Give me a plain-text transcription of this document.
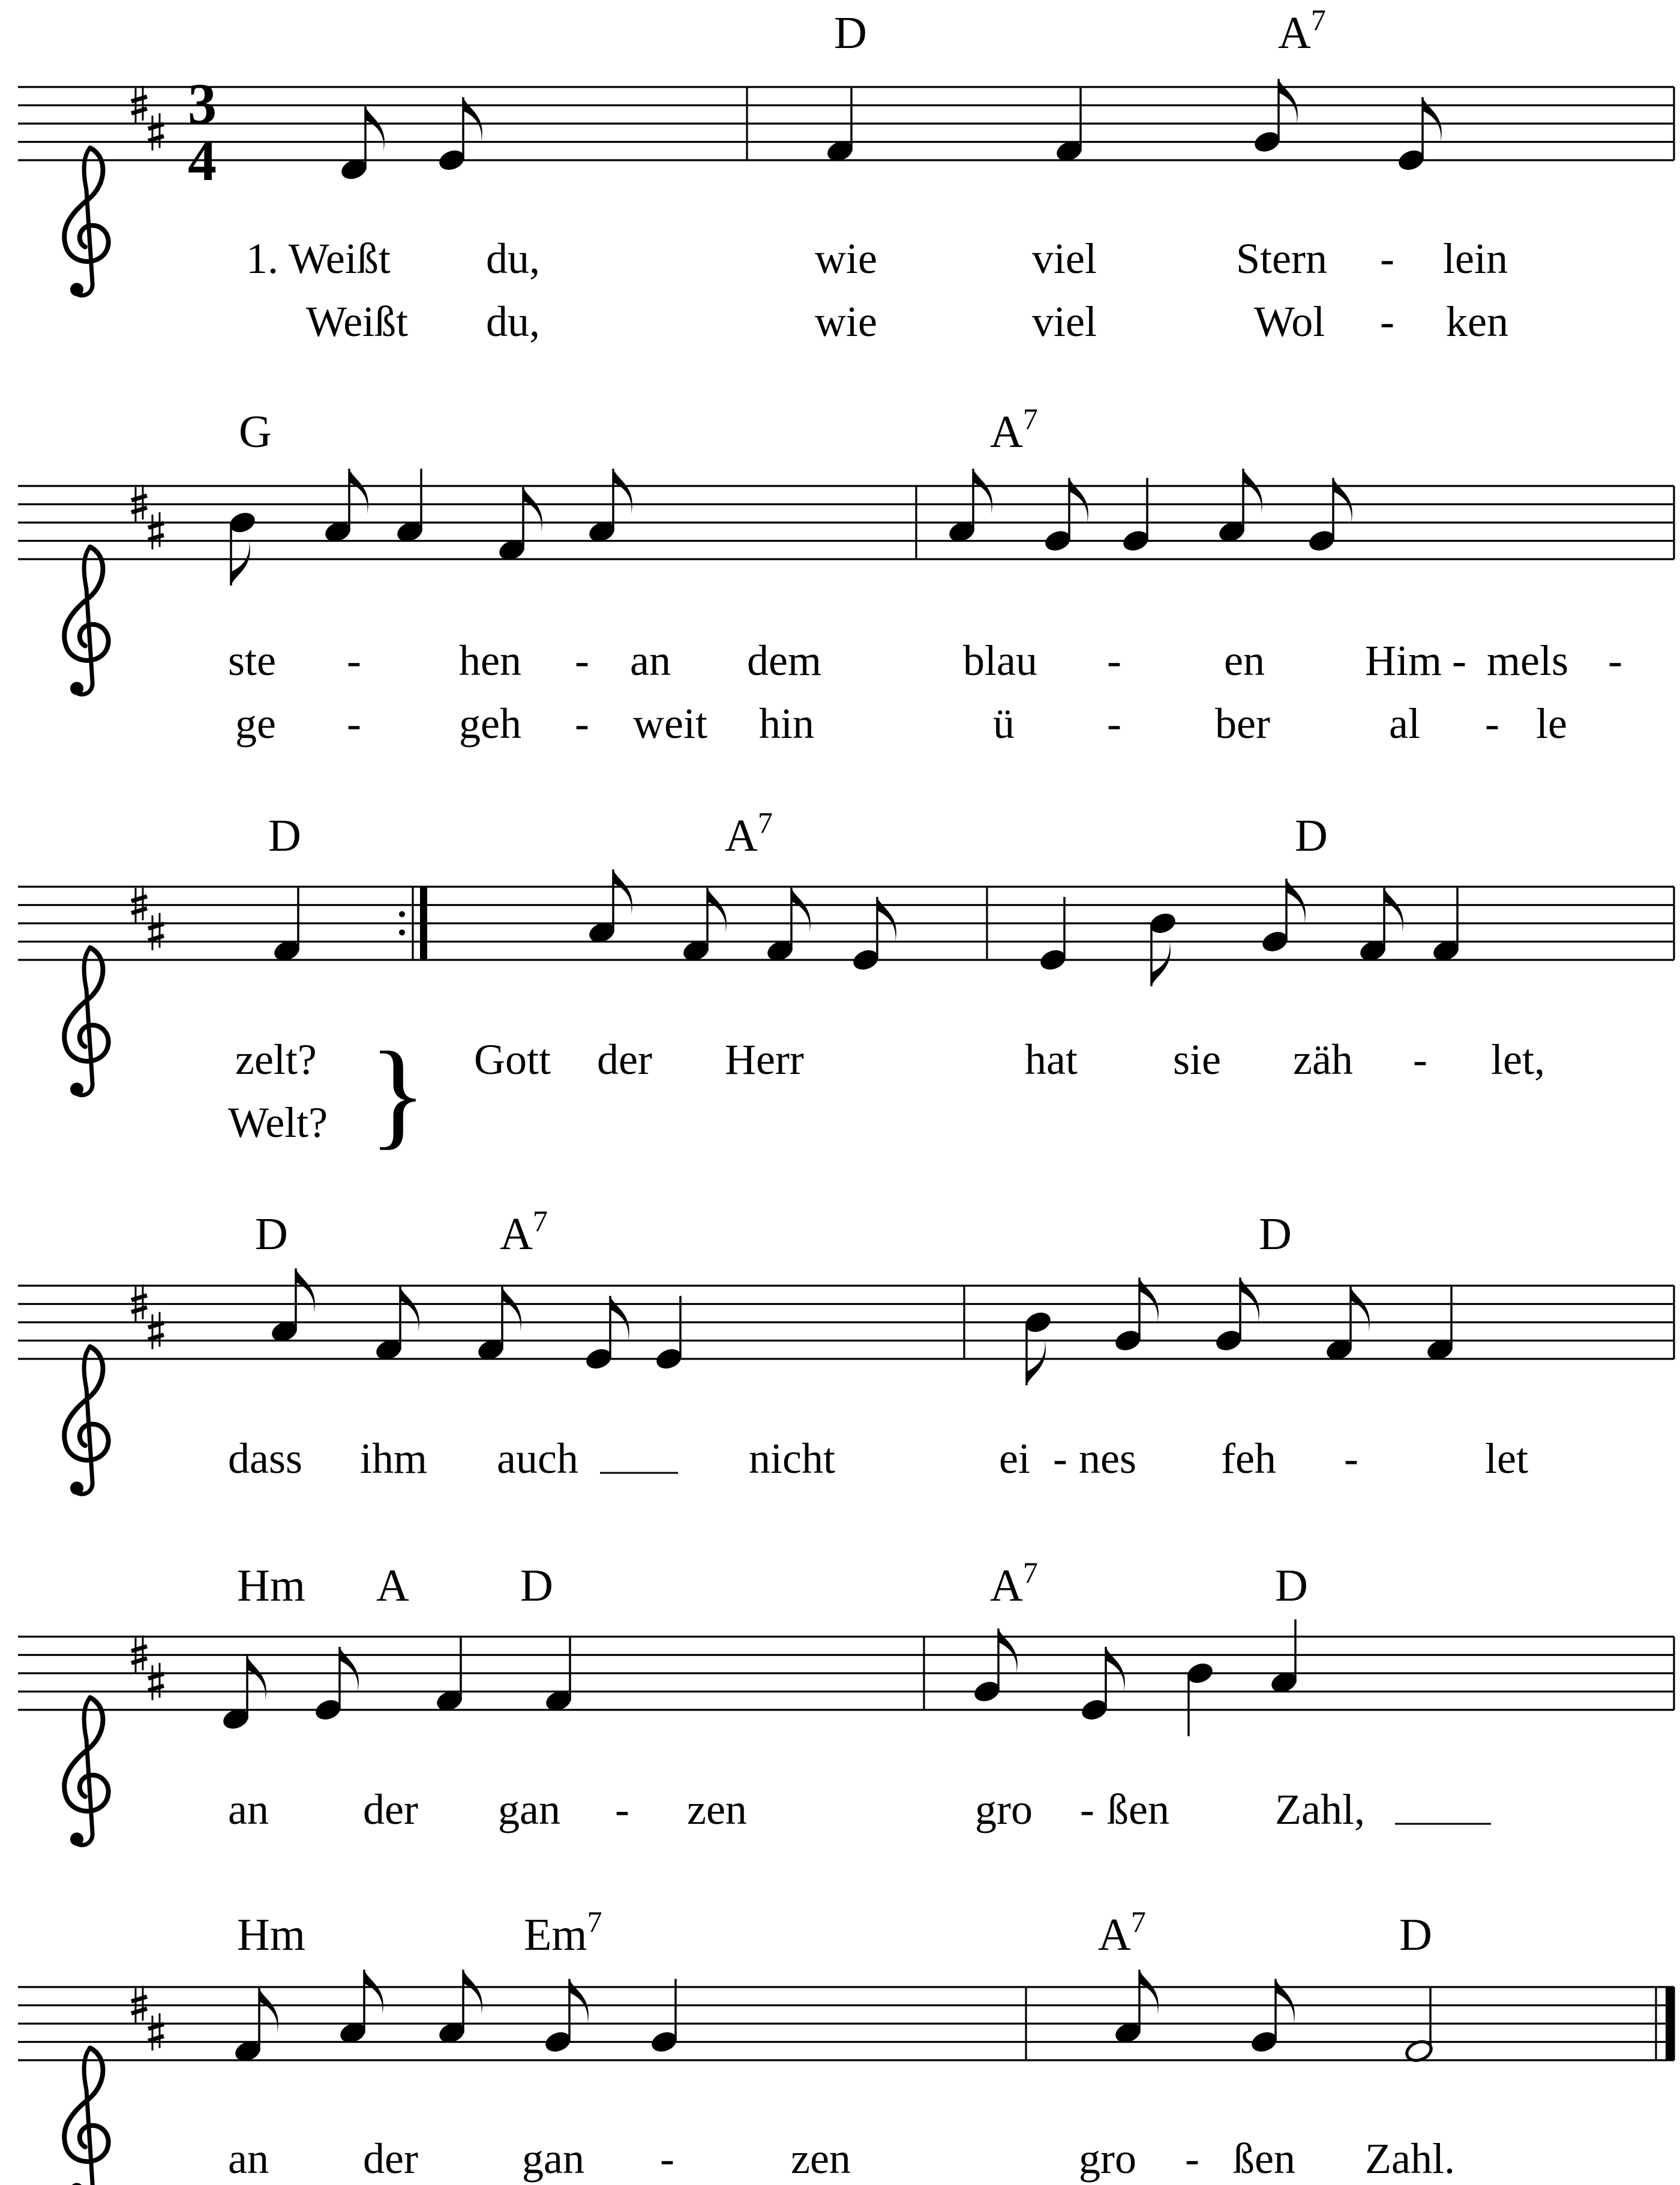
D	$A^7$
G	$A^7$
D	$A^7$	D
D	$A^7$	D
Hm A D	$A^7$	D
Hm	Em$^7$	$A^7$	D
3
4
1. Weißt du,	wie	viel	Stern - lein
Weißt du,	wie	viel	Wol - ken
ste - hen - an dem	blau - en Him - mels -
ge - geh - weit hin	ü - ber	al - le
zelt?	Gott der Herr	hat sie zäh - let,
Welt? }
dass ihm auch	nicht	ei - nes feh -	let
an der gan - zen	gro - ßen Zahl,
an der gan -	zen	gro - ßen Zahl.
